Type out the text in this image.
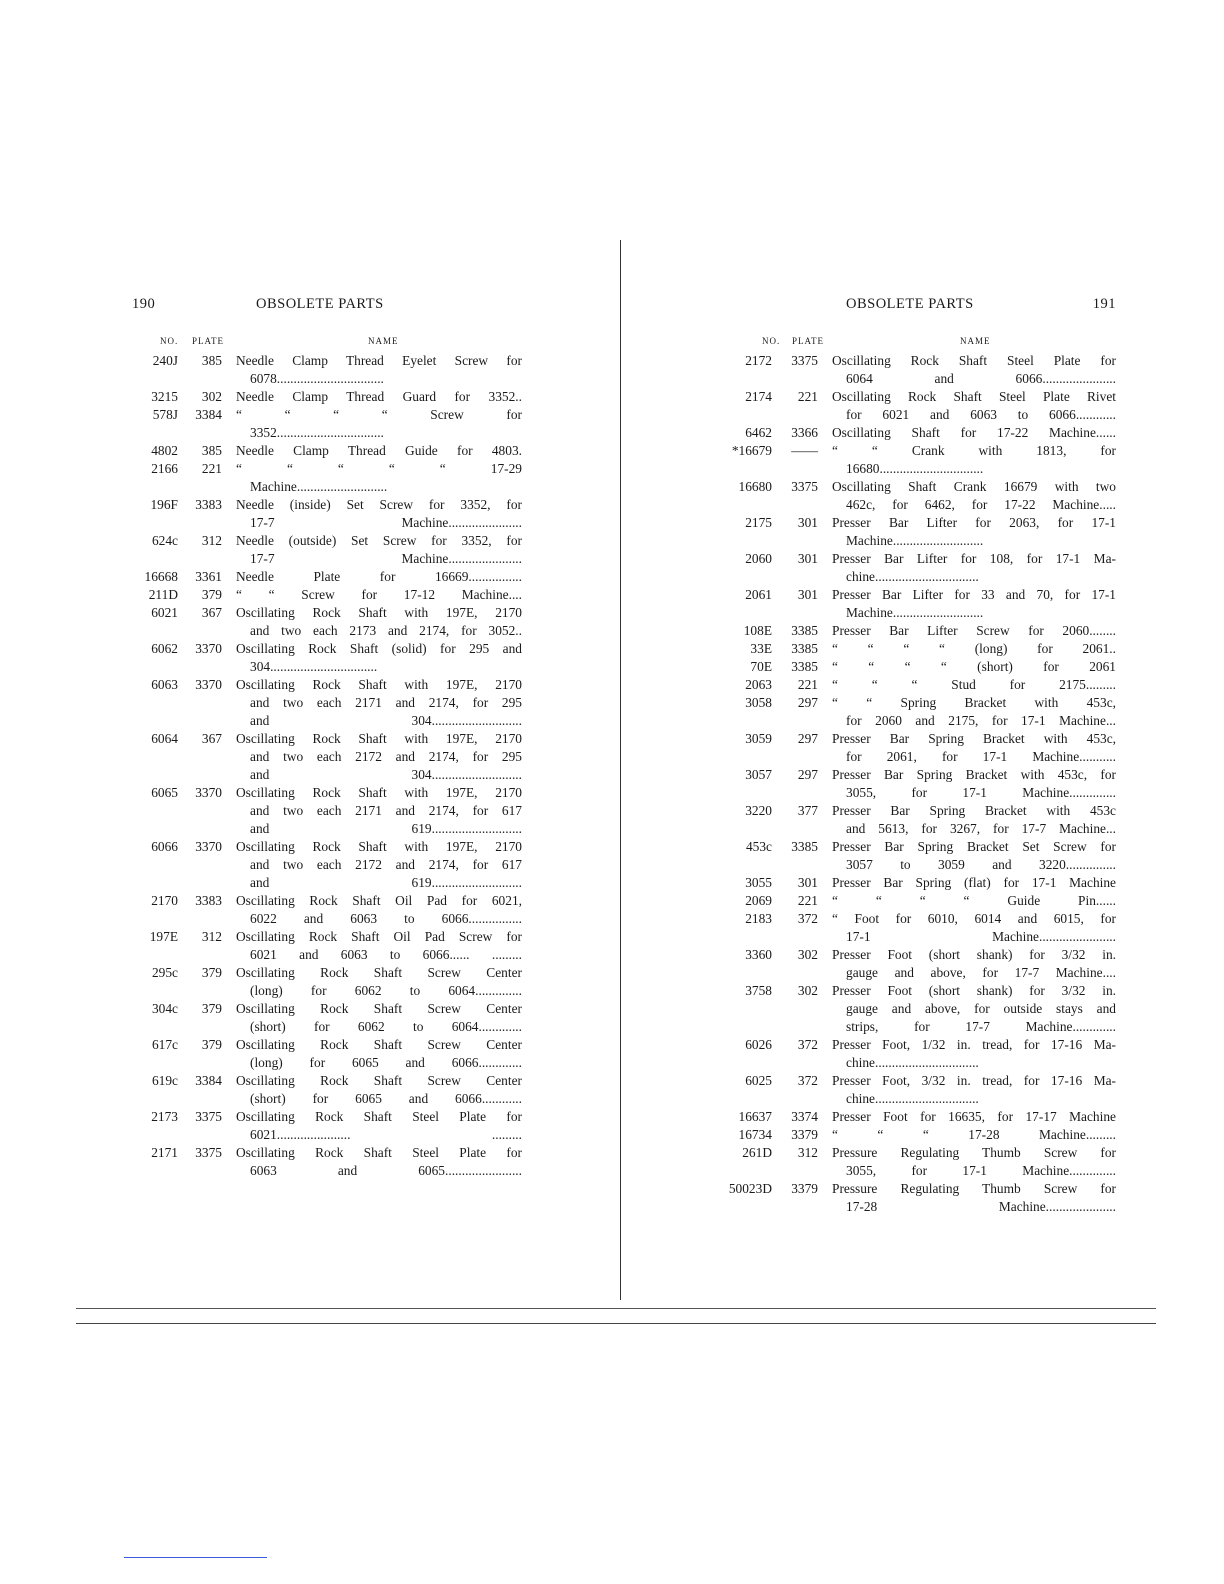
190	OBSOLETE PARTS
NO. PLATE	NAME
240J	385 Needle Clamp Thread Eyelet Screw for
6078................................
3215	302 Needle Clamp Thread Guard for 3352..
578J	3384 “ “ “ “ Screw for
3352................................
4802	385 Needle Clamp Thread Guide for 4803.
2166	221 “ “ “ “ “ 17-29
Machine...........................
196F	3383 Needle (inside) Set Screw for 3352, for
17-7 Machine......................
624c	312 Needle (outside) Set Screw for 3352, for
17-7 Machine......................
16668	3361 Needle Plate for 16669................
211D	379 “ “ Screw for 17-12 Machine....
6021	367 Oscillating Rock Shaft with 197E, 2170
and two each 2173 and 2174, for 3052..
6062	3370 Oscillating Rock Shaft (solid) for 295 and
304................................
6063	3370 Oscillating Rock Shaft with 197E, 2170
and two each 2171 and 2174, for 295
and 304...........................
6064	367 Oscillating Rock Shaft with 197E, 2170
and two each 2172 and 2174, for 295
and 304...........................
6065	3370 Oscillating Rock Shaft with 197E, 2170
and two each 2171 and 2174, for 617
and 619...........................
6066	3370 Oscillating Rock Shaft with 197E, 2170
and two each 2172 and 2174, for 617
and 619...........................
2170	3383 Oscillating Rock Shaft Oil Pad for 6021,
6022 and 6063 to 6066................
197E	312 Oscillating Rock Shaft Oil Pad Screw for
6021 and 6063 to 6066...... .........
295c	379 Oscillating Rock Shaft Screw Center
(long) for 6062 to 6064..............
304c	379 Oscillating Rock Shaft Screw Center
(short) for 6062 to 6064.............
617c	379 Oscillating Rock Shaft Screw Center
(long) for 6065 and 6066.............
619c	3384 Oscillating Rock Shaft Screw Center
(short) for 6065 and 6066............
2173	3375 Oscillating Rock Shaft Steel Plate for
6021...................... .........
2171	3375 Oscillating Rock Shaft Steel Plate for
6063 and 6065.......................
OBSOLETE PARTS	191
NO. PLATE	NAME
2172	3375 Oscillating Rock Shaft Steel Plate for
6064 and 6066......................
2174	221 Oscillating Rock Shaft Steel Plate Rivet
for 6021 and 6063 to 6066............
6462	3366 Oscillating Shaft for 17-22 Machine......
*16679	—— “ “ Crank with 1813, for
16680...............................
16680	3375 Oscillating Shaft Crank 16679 with two
462c, for 6462, for 17-22 Machine.....
2175	301 Presser Bar Lifter for 2063, for 17-1
Machine...........................
2060	301 Presser Bar Lifter for 108, for 17-1 Ma-
chine...............................
2061	301 Presser Bar Lifter for 33 and 70, for 17-1
Machine...........................
108E	3385 Presser Bar Lifter Screw for 2060........
33E	3385 “ “ “ “ (long) for 2061..
70E	3385 “ “ “ “ (short) for 2061
2063	221 “ “ “ Stud for 2175.........
3058	297 “ “ Spring Bracket with 453c,
for 2060 and 2175, for 17-1 Machine...
3059	297 Presser Bar Spring Bracket with 453c,
for 2061, for 17-1 Machine...........
3057	297 Presser Bar Spring Bracket with 453c, for
3055, for 17-1 Machine..............
3220	377 Presser Bar Spring Bracket with 453c
and 5613, for 3267, for 17-7 Machine...
453c	3385 Presser Bar Spring Bracket Set Screw for
3057 to 3059 and 3220...............
3055	301 Presser Bar Spring (flat) for 17-1 Machine
2069	221 “ “ “ “ Guide Pin......
2183	372 “ Foot for 6010, 6014 and 6015, for
17-1 Machine.......................
3360	302 Presser Foot (short shank) for 3/32 in.
gauge and above, for 17-7 Machine....
3758	302 Presser Foot (short shank) for 3/32 in.
gauge and above, for outside stays and
strips, for 17-7 Machine.............
6026	372 Presser Foot, 1/32 in. tread, for 17-16 Ma-
chine...............................
6025	372 Presser Foot, 3/32 in. tread, for 17-16 Ma-
chine...............................
16637	3374 Presser Foot for 16635, for 17-17 Machine
16734	3379 “ “ “ 17-28 Machine.........
261D	312 Pressure Regulating Thumb Screw for
3055, for 17-1 Machine..............
50023D	3379 Pressure Regulating Thumb Screw for
17-28 Machine.....................
